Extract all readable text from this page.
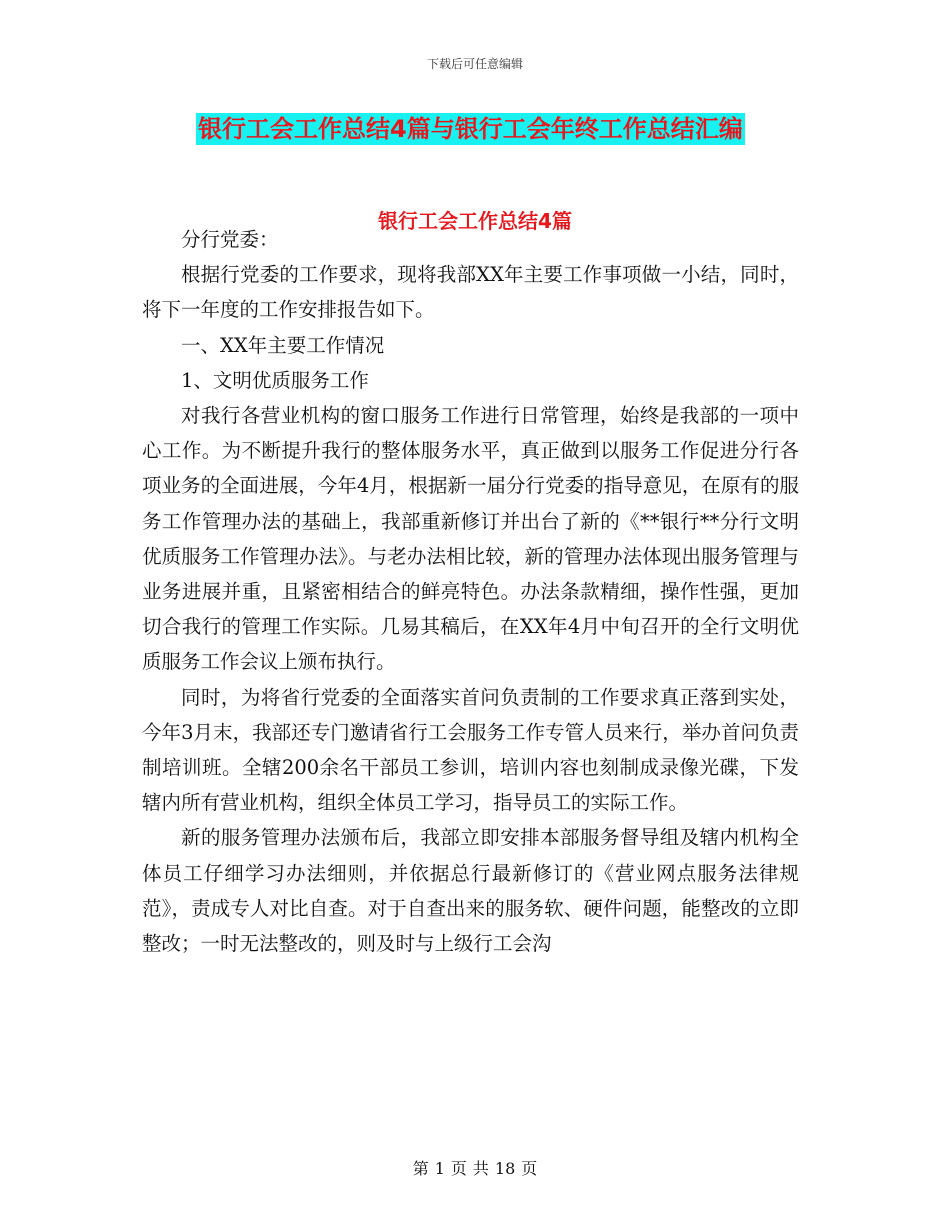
下载后可任意编辑
银行工会工作总结4篇与银行工会年终工作总结汇编
银行工会工作总结4篇

分行党委：

根据行党委的工作要求，现将我部XX年主要工作事项做一小结，同时，将下一年度的工作安排报告如下。

一、XX年主要工作情况

1、文明优质服务工作

对我行各营业机构的窗口服务工作进行日常管理，始终是我部的一项中心工作。为不断提升我行的整体服务水平，真正做到以服务工作促进分行各项业务的全面进展，今年4月，根据新一届分行党委的指导意见，在原有的服务工作管理办法的基础上，我部重新修订并出台了新的《**银行**分行文明优质服务工作管理办法》。与老办法相比较，新的管理办法体现出服务管理与业务进展并重，且紧密相结合的鲜亮特色。办法条款精细，操作性强，更加切合我行的管理工作实际。几易其稿后，在XX年4月中旬召开的全行文明优质服务工作会议上颁布执行。

同时，为将省行党委的全面落实首问负责制的工作要求真正落到实处，今年3月末，我部还专门邀请省行工会服务工作专管人员来行，举办首问负责制培训班。全辖200余名干部员工参训，培训内容也刻制成录像光碟，下发辖内所有营业机构，组织全体员工学习，指导员工的实际工作。

新的服务管理办法颁布后，我部立即安排本部服务督导组及辖内机构全体员工仔细学习办法细则，并依据总行最新修订的《营业网点服务法律规范》，责成专人对比自查。对于自查出来的服务软、硬件问题，能整改的立即整改；一时无法整改的，则及时与上级行工会沟

第 1 页 共 18 页
